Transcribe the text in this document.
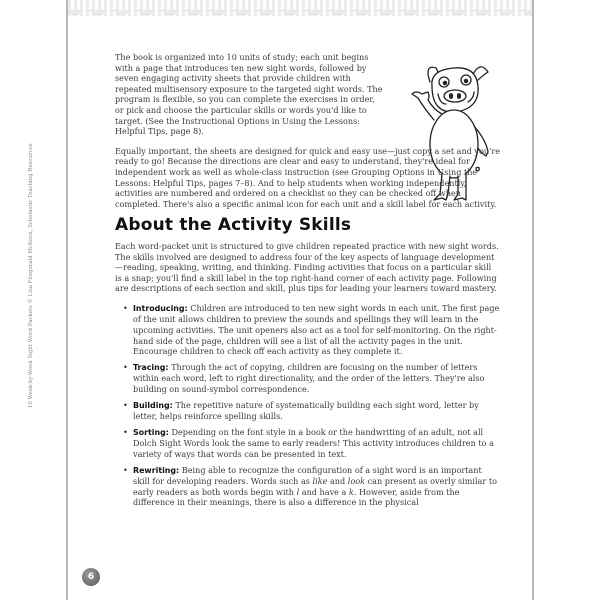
10 Week-by-Week Sight Word Packets © Lisa Fitzgerald McKeon, Scholastic Teaching Resources

The book is organized into 10 units of study; each unit begins with a page that introduces ten new sight words, followed by seven engaging activity sheets that provide children with repeated multisensory exposure to the targeted sight words. The program is flexible, so you can complete the exercises in order, or pick and choose the particular skills or words you'd like to target. (See the Instructional Options in Using the Lessons: Helpful Tips, page 8).

Equally important, the sheets are designed for quick and easy use—just copy a set and you're ready to go! Because the directions are clear and easy to understand, they're ideal for independent work as well as whole-class instruction (see Grouping Options in Using the Lessons: Helpful Tips, pages 7–8). And to help students when working independently, activities are numbered and ordered on a checklist so they can be checked off when completed. There's also a specific animal icon for each unit and a skill label for each activity.

About the Activity Skills

Each word-packet unit is structured to give children repeated practice with new sight words. The skills involved are designed to address four of the key aspects of language development—reading, speaking, writing, and thinking. Finding activities that focus on a particular skill is a snap; you'll find a skill label in the top right-hand corner of each activity page. Following are descriptions of each section and skill, plus tips for leading your learners toward mastery.

• Introducing: Children are introduced to ten new sight words in each unit. The first page of the unit allows children to preview the sounds and spellings they will learn in the upcoming activities. The unit openers also act as a tool for self-monitoring. On the right-hand side of the page, children will see a list of all the activity pages in the unit. Encourage children to check off each activity as they complete it.
• Tracing: Through the act of copying, children are focusing on the number of letters within each word, left to right directionality, and the order of the letters. They're also building on sound-symbol correspondence.
• Building: The repetitive nature of systematically building each sight word, letter by letter, helps reinforce spelling skills.
• Sorting: Depending on the font style in a book or the handwriting of an adult, not all Dolch Sight Words look the same to early readers! This activity introduces children to a variety of ways that words can be presented in text.
• Rewriting: Being able to recognize the configuration of a sight word is an important skill for developing readers. Words such as like and look can present as overly similar to early readers as both words begin with l and have a k. However, aside from the difference in their meanings, there is also a difference in the physical
6
